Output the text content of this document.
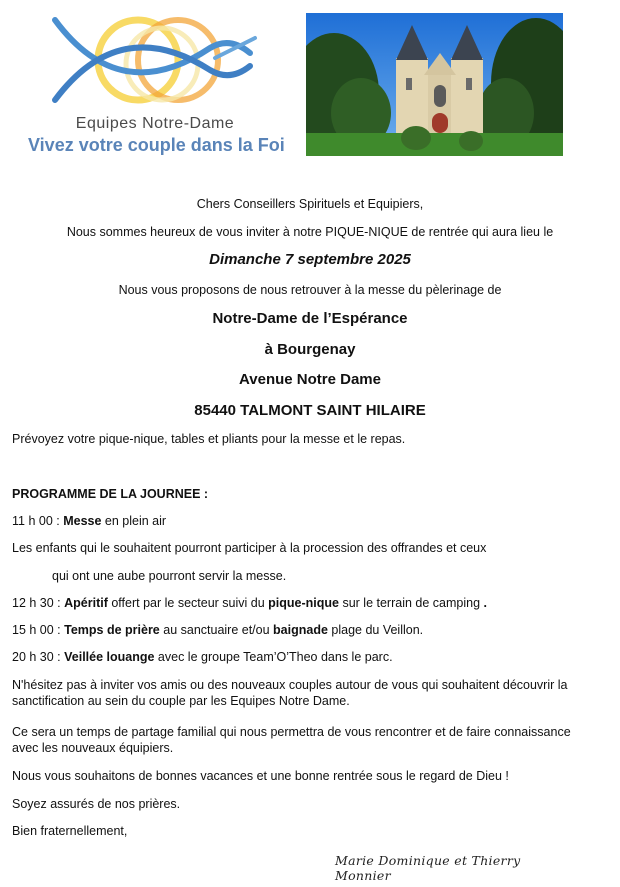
Equipes Notre-Dame
Vivez votre couple dans la Foi
Chers Conseillers Spirituels et Equipiers,
Nous sommes heureux de vous inviter à notre PIQUE-NIQUE de rentrée qui aura lieu le
Dimanche 7 septembre 2025
Nous vous proposons de nous retrouver à la messe du pèlerinage de
Notre-Dame de l’Espérance
à Bourgenay
Avenue Notre Dame
85440 TALMONT SAINT HILAIRE
Prévoyez votre pique-nique, tables et pliants pour la messe et le repas.
PROGRAMME DE LA JOURNEE :
11 h 00 : Messe en plein air
Les enfants qui le souhaitent pourront participer à la procession des offrandes et ceux
qui ont une aube pourront servir la messe.
12 h 30 : Apéritif offert par le secteur suivi du pique-nique sur le terrain de camping .
15 h 00 : Temps de prière au sanctuaire et/ou baignade plage du Veillon.
20 h 30 : Veillée louange avec le groupe Team’O’Theo dans le parc.
N'hésitez pas à inviter vos amis ou des nouveaux couples autour de vous qui souhaitent découvrir la sanctification au sein du couple par les Equipes Notre Dame.
Ce sera un temps de partage familial qui nous permettra de vous rencontrer et de faire connaissance avec les nouveaux équipiers.
Nous vous souhaitons de bonnes vacances et une bonne rentrée sous le regard de Dieu !
Soyez assurés de nos prières.
Bien fraternellement,
Marie Dominique et Thierry Monnier
